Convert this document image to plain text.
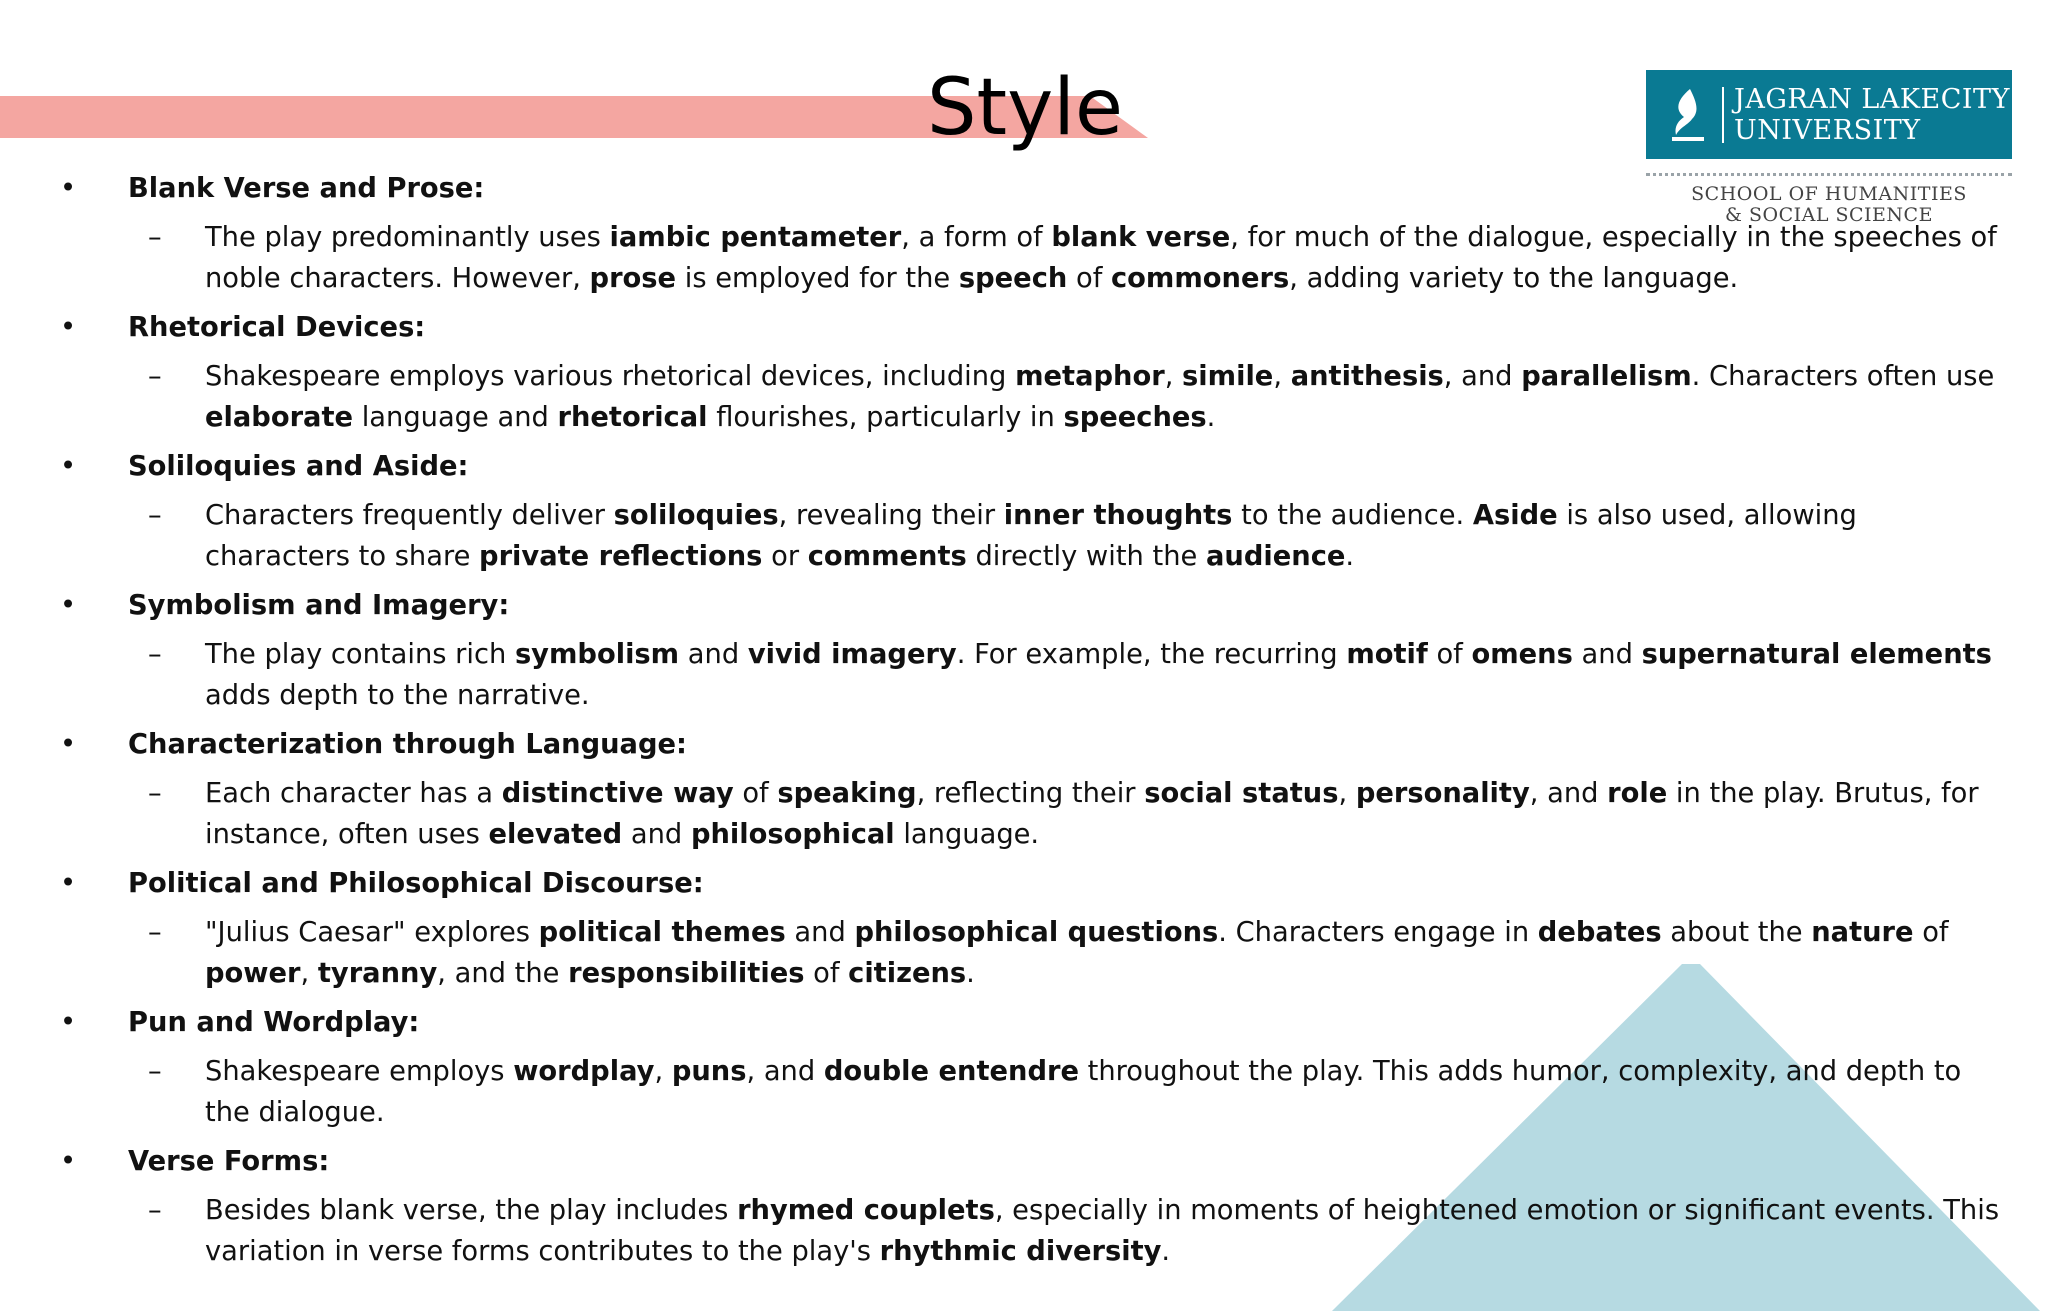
Style	JAGRAN LAKECITY
UNIVERSITY
SCHOOL OF HUMANITIES
& SOCIAL SCIENCE
• Blank Verse and Prose:
– The play predominantly uses iambic pentameter, a form of blank verse, for much of the dialogue, especially in the speeches of noble characters. However, prose is employed for the speech of commoners, adding variety to the language.
• Rhetorical Devices:
– Shakespeare employs various rhetorical devices, including metaphor, simile, antithesis, and parallelism. Characters often use elaborate language and rhetorical flourishes, particularly in speeches.
• Soliloquies and Aside:
– Characters frequently deliver soliloquies, revealing their inner thoughts to the audience. Aside is also used, allowing characters to share private reflections or comments directly with the audience.
• Symbolism and Imagery:
– The play contains rich symbolism and vivid imagery. For example, the recurring motif of omens and supernatural elements adds depth to the narrative.
• Characterization through Language:
– Each character has a distinctive way of speaking, reflecting their social status, personality, and role in the play. Brutus, for instance, often uses elevated and philosophical language.
• Political and Philosophical Discourse:
– "Julius Caesar" explores political themes and philosophical questions. Characters engage in debates about the nature of power, tyranny, and the responsibilities of citizens.
• Pun and Wordplay:
– Shakespeare employs wordplay, puns, and double entendre throughout the play. This adds humor, complexity, and depth to the dialogue.
• Verse Forms:
– Besides blank verse, the play includes rhymed couplets, especially in moments of heightened emotion or significant events. This variation in verse forms contributes to the play's rhythmic diversity.
